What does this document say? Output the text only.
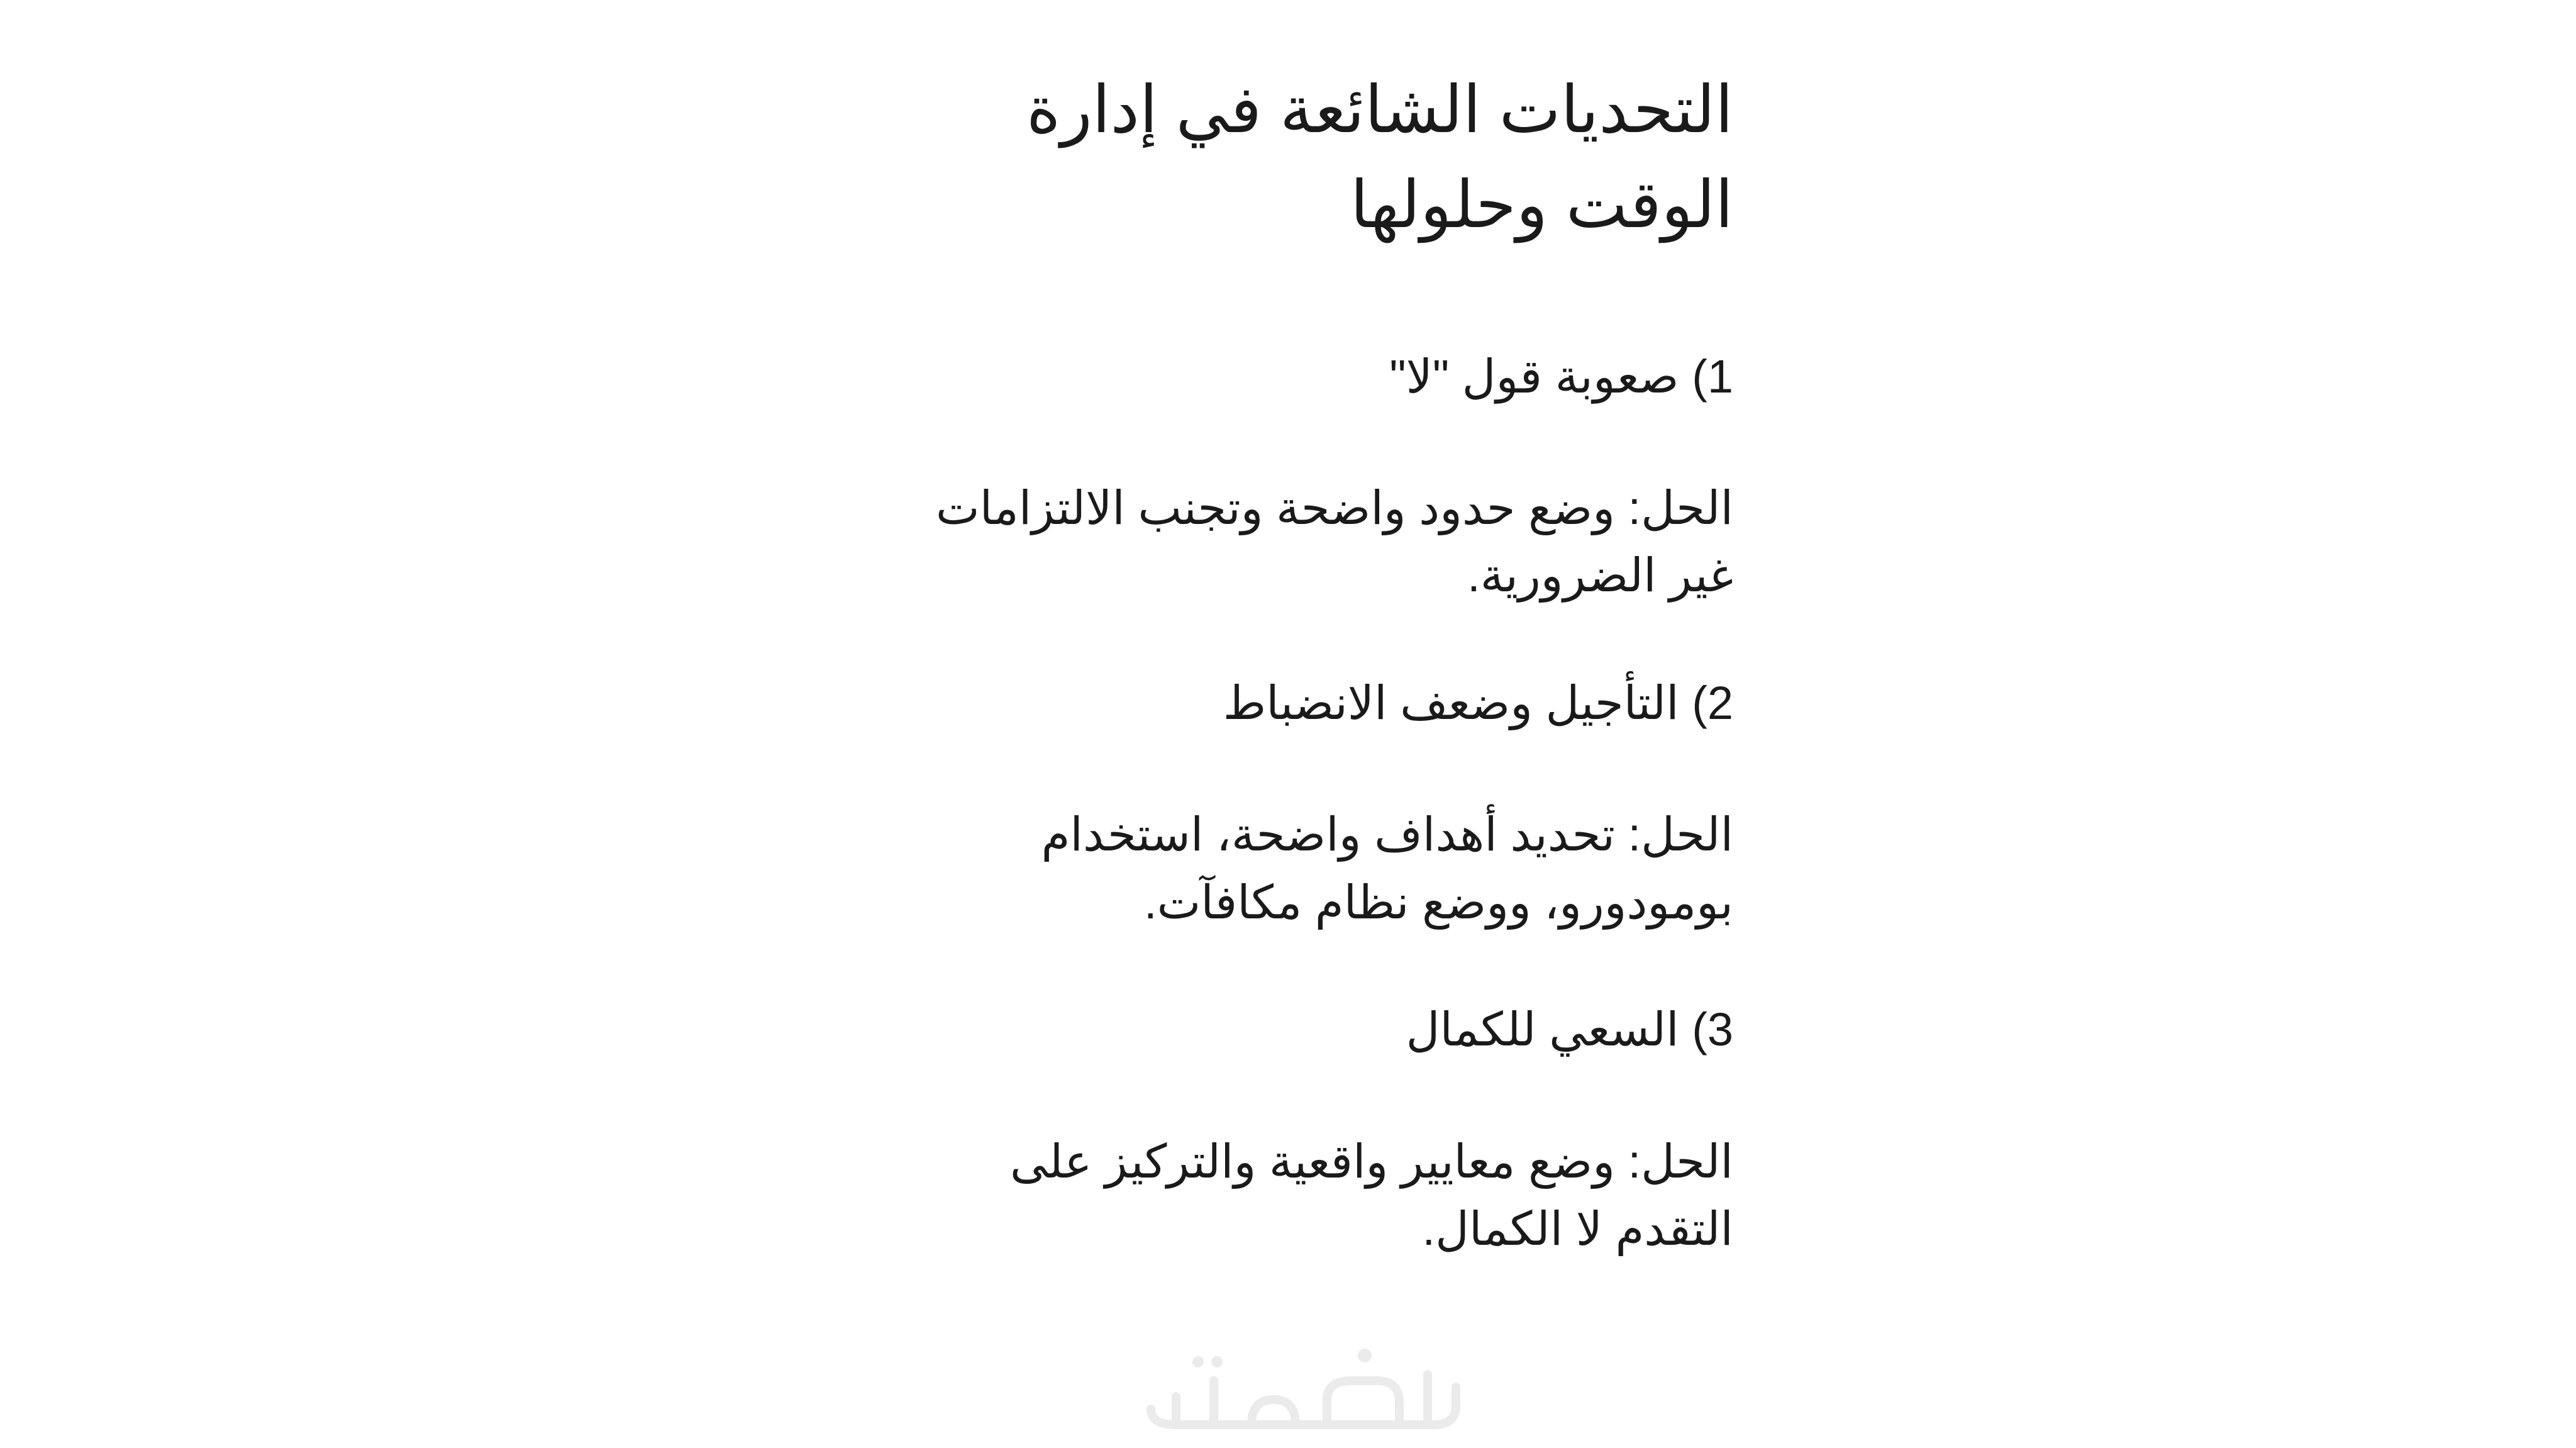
التحديات الشائعة في إدارة الوقت وحلولها

1) صعوبة قول "لا"

الحل: وضع حدود واضحة وتجنب الالتزامات غير الضرورية.

2) التأجيل وضعف الانضباط

الحل: تحديد أهداف واضحة، استخدام بومودورو، ووضع نظام مكافآت.

3) السعي للكمال

الحل: وضع معايير واقعية والتركيز على التقدم لا الكمال.
